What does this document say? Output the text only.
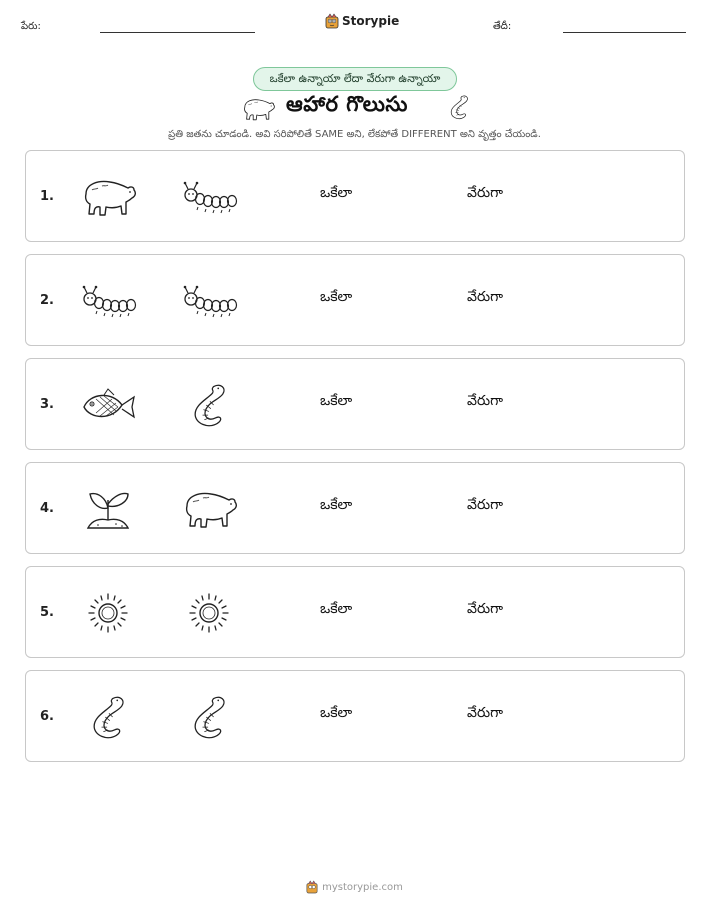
పేరు:	Storypie	తేదీ:
ఒకేలా ఉన్నాయా లేదా వేరుగా ఉన్నాయా
ఆహార గొలుసు
ప్రతి జతను చూడండి. అవి సరిపోలితే SAME అని, లేకపోతే DIFFERENT అని వృత్తం చేయండి.
1.	ఒకేలా	వేరుగా
2.	ఒకేలా	వేరుగా
3.	ఒకేలా	వేరుగా
4.	ఒకేలా	వేరుగా
5.	ఒకేలా	వేరుగా
6.	ఒకేలా	వేరుగా
mystorypie.com
